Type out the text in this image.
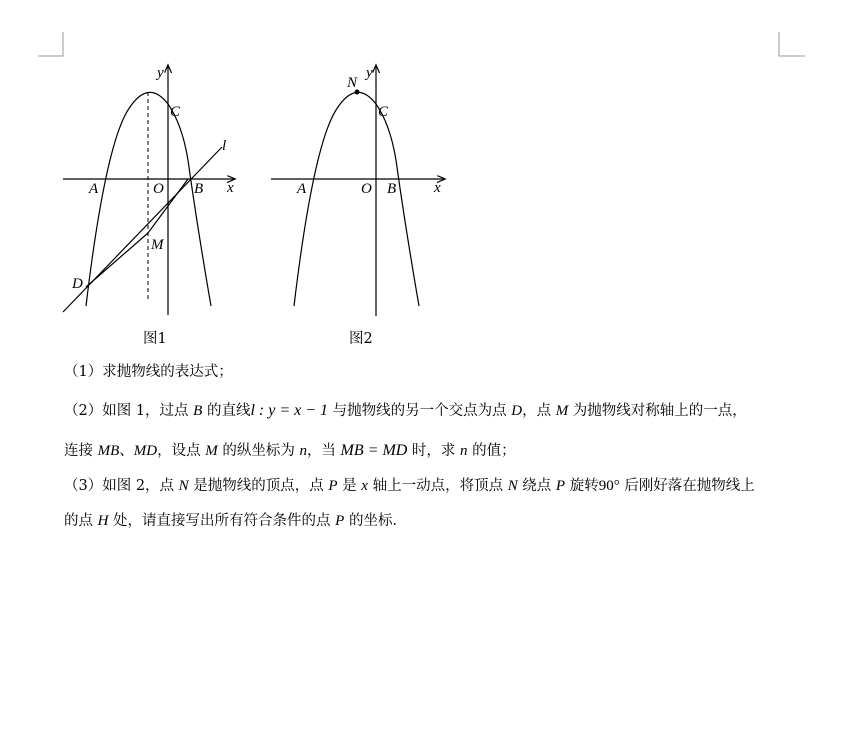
y
C
l
A	O B x
M
D
N
y
C
A	O B	x
图1	图2
（1）求抛物线的表达式；
（2）如图 1，过点 B 的直线l : y = x − 1 与抛物线的另一个交点为点 D，点 M 为抛物线对称轴上的一点，
连接 MB、MD，设点 M 的纵坐标为 n，当 MB = MD 时，求 n 的值；
（3）如图 2，点 N 是抛物线的顶点，点 P 是 x 轴上一动点，将顶点 N 绕点 P 旋转90° 后刚好落在抛物线上
的点 H 处，请直接写出所有符合条件的点 P 的坐标．
